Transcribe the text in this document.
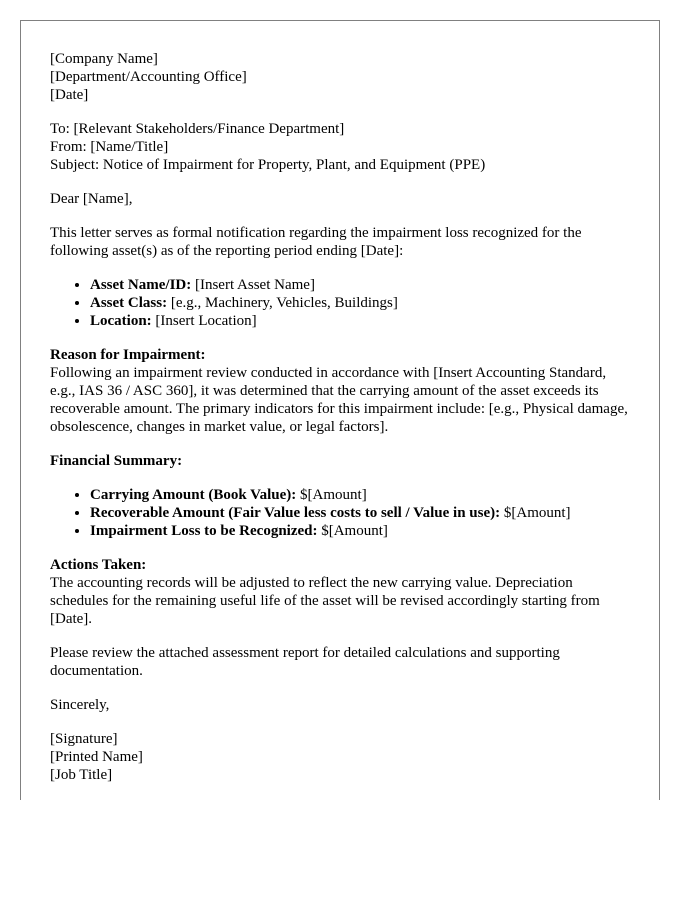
[Company Name]
[Department/Accounting Office]
[Date]
To: [Relevant Stakeholders/Finance Department]
From: [Name/Title]
Subject: Notice of Impairment for Property, Plant, and Equipment (PPE)
Dear [Name],
This letter serves as formal notification regarding the impairment loss recognized for the following asset(s) as of the reporting period ending [Date]:
• Asset Name/ID: [Insert Asset Name]
• Asset Class: [e.g., Machinery, Vehicles, Buildings]
• Location: [Insert Location]
Reason for Impairment:
Following an impairment review conducted in accordance with [Insert Accounting Standard, e.g., IAS 36 / ASC 360], it was determined that the carrying amount of the asset exceeds its recoverable amount. The primary indicators for this impairment include: [e.g., Physical damage, obsolescence, changes in market value, or legal factors].
Financial Summary:
• Carrying Amount (Book Value): $[Amount]
• Recoverable Amount (Fair Value less costs to sell / Value in use): $[Amount]
• Impairment Loss to be Recognized: $[Amount]
Actions Taken:
The accounting records will be adjusted to reflect the new carrying value. Depreciation schedules for the remaining useful life of the asset will be revised accordingly starting from [Date].
Please review the attached assessment report for detailed calculations and supporting documentation.
Sincerely,
[Signature]
[Printed Name]
[Job Title]
